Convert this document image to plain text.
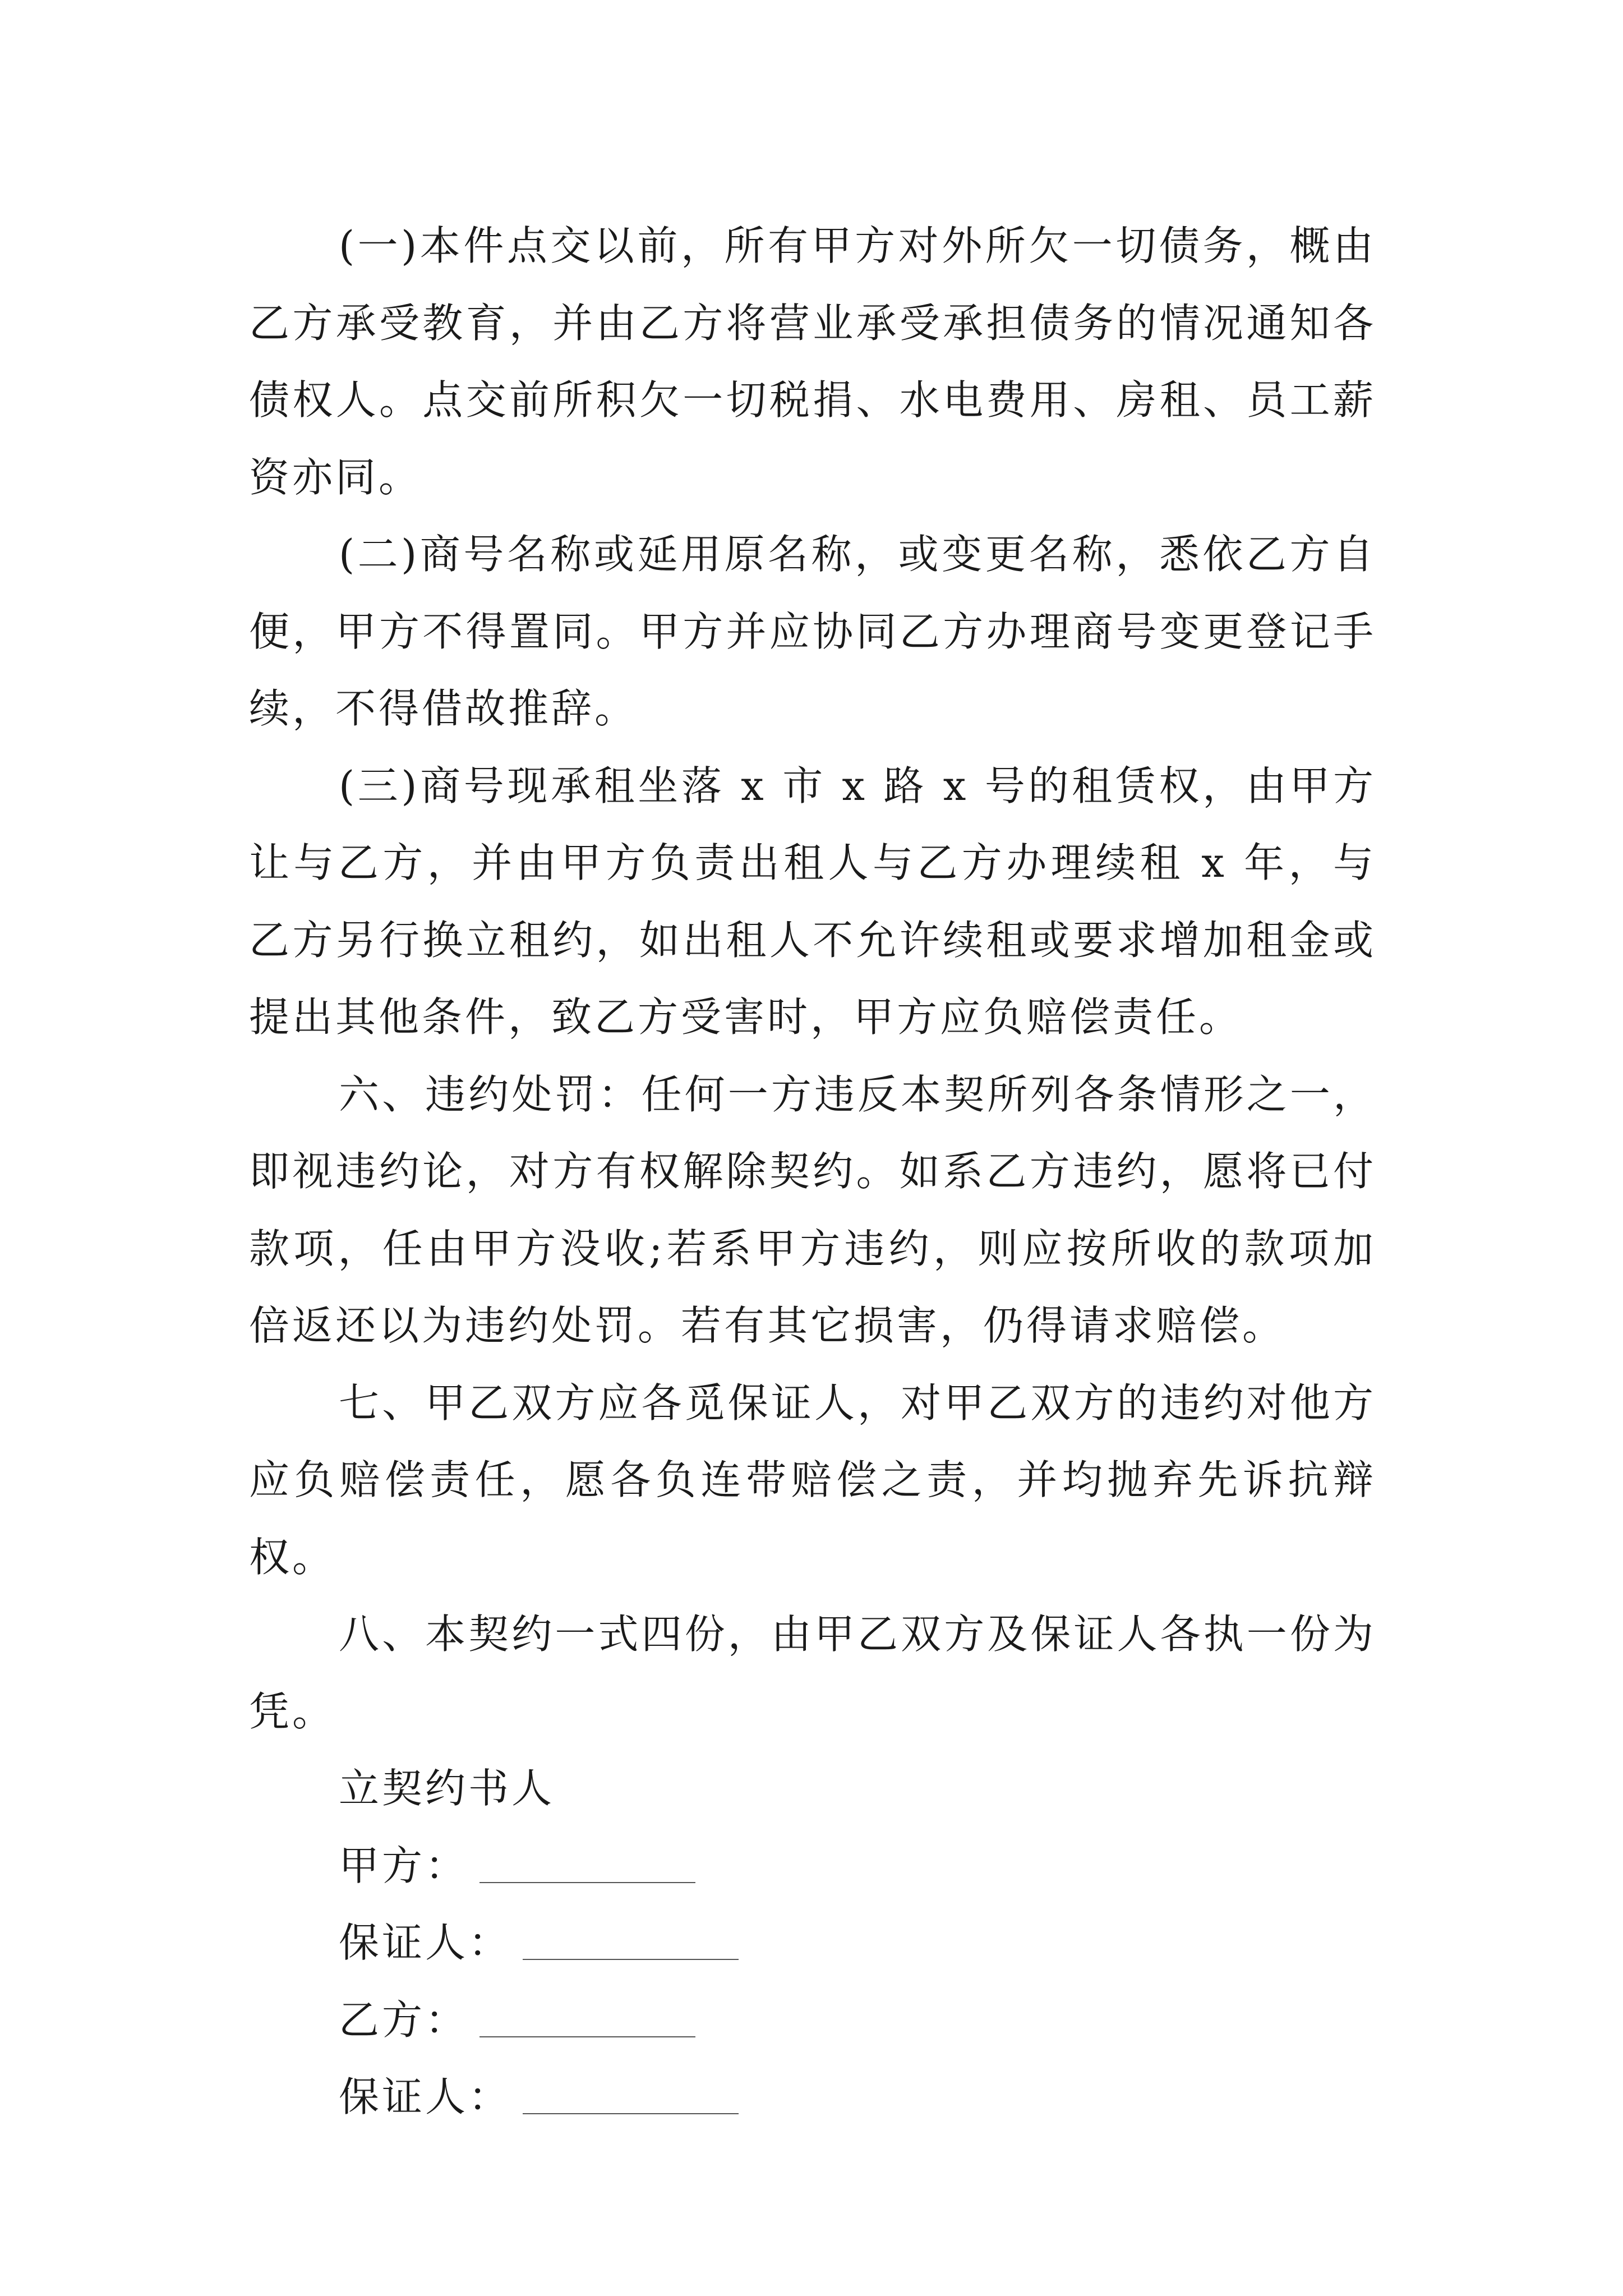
(一)本件点交以前，所有甲方对外所欠一切债务，概由乙方承受教育，并由乙方将营业承受承担债务的情况通知各债权人。点交前所积欠一切税捐、水电费用、房租、员工薪资亦同。

(二)商号名称或延用原名称，或变更名称，悉依乙方自便，甲方不得置同。甲方并应协同乙方办理商号变更登记手续，不得借故推辞。

(三)商号现承租坐落 x 市 x 路 x 号的租赁权，由甲方让与乙方，并由甲方负责出租人与乙方办理续租 x 年，与乙方另行换立租约，如出租人不允许续租或要求增加租金或提出其他条件，致乙方受害时，甲方应负赔偿责任。

六、违约处罚：任何一方违反本契所列各条情形之一，即视违约论，对方有权解除契约。如系乙方违约，愿将已付款项，任由甲方没收;若系甲方违约，则应按所收的款项加倍返还以为违约处罚。若有其它损害，仍得请求赔偿。

七、甲乙双方应各觅保证人，对甲乙双方的违约对他方应负赔偿责任，愿各负连带赔偿之责，并均抛弃先诉抗辩权。

八、本契约一式四份，由甲乙双方及保证人各执一份为凭。

立契约书人
甲方：
保证人：
乙方：
保证人：
